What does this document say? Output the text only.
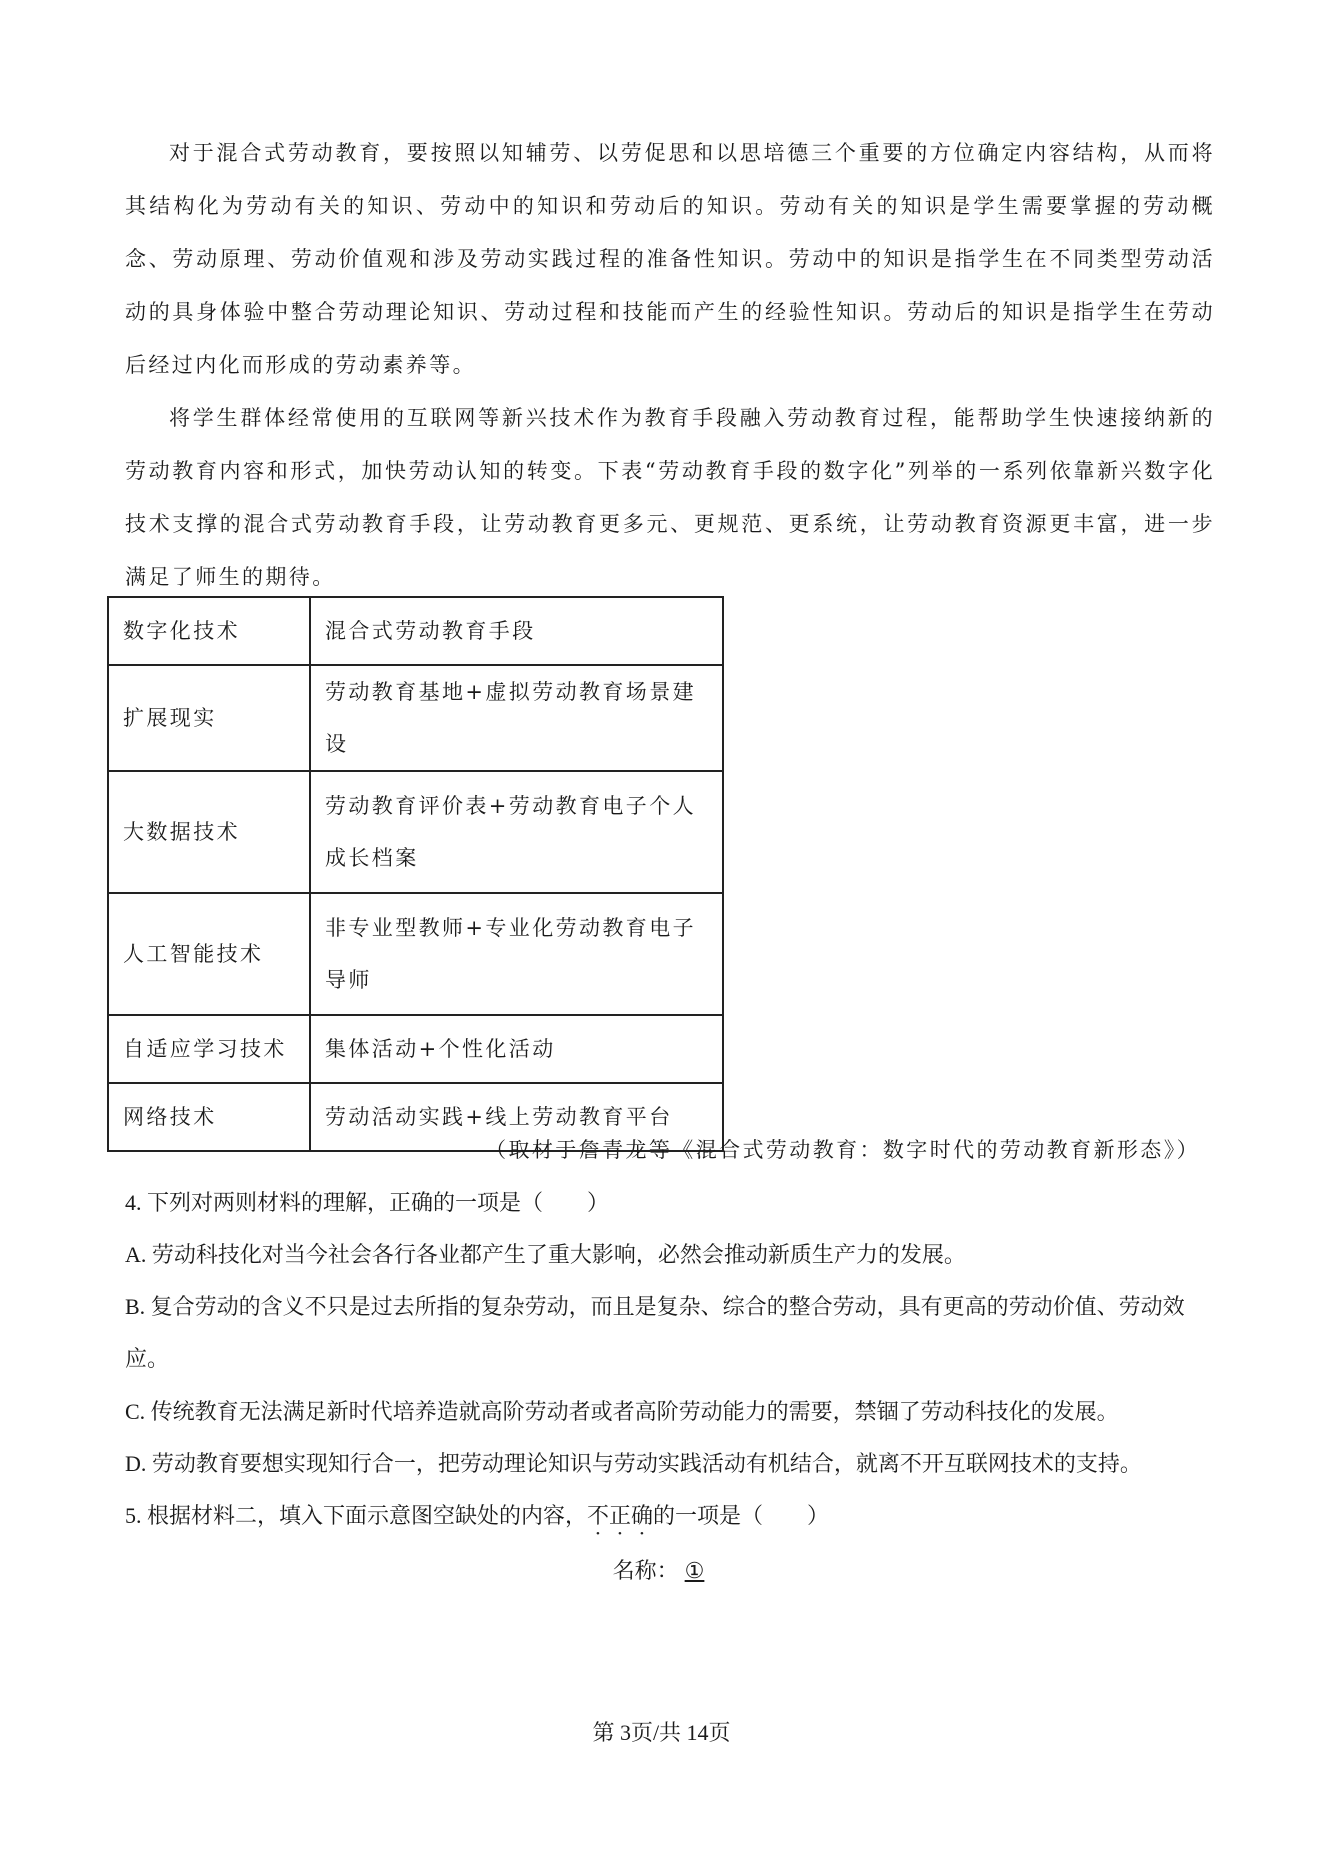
对于混合式劳动教育，要按照以知辅劳、以劳促思和以思培德三个重要的方位确定内容结构，从而将其结构化为劳动有关的知识、劳动中的知识和劳动后的知识。劳动有关的知识是学生需要掌握的劳动概念、劳动原理、劳动价值观和涉及劳动实践过程的准备性知识。劳动中的知识是指学生在不同类型劳动活动的具身体验中整合劳动理论知识、劳动过程和技能而产生的经验性知识。劳动后的知识是指学生在劳动后经过内化而形成的劳动素养等。

将学生群体经常使用的互联网等新兴技术作为教育手段融入劳动教育过程，能帮助学生快速接纳新的劳动教育内容和形式，加快劳动认知的转变。下表“劳动教育手段的数字化”列举的一系列依靠新兴数字化技术支撑的混合式劳动教育手段，让劳动教育更多元、更规范、更系统，让劳动教育资源更丰富，进一步满足了师生的期待。

数字化技术	混合式劳动教育手段
扩展现实	劳动教育基地+虚拟劳动教育场景建设
大数据技术	劳动教育评价表+劳动教育电子个人成长档案
人工智能技术	非专业型教师+专业化劳动教育电子导师
自适应学习技术	集体活动+个性化活动
网络技术	劳动活动实践+线上劳动教育平台
（取材于詹青龙等《混合式劳动教育：数字时代的劳动教育新形态》）

4. 下列对两则材料的理解，正确的一项是（　　）

A. 劳动科技化对当今社会各行各业都产生了重大影响，必然会推动新质生产力的发展。

B. 复合劳动的含义不只是过去所指的复杂劳动，而且是复杂、综合的整合劳动，具有更高的劳动价值、劳动效应。

C. 传统教育无法满足新时代培养造就高阶劳动者或者高阶劳动能力的需要，禁锢了劳动科技化的发展。

D. 劳动教育要想实现知行合一，把劳动理论知识与劳动实践活动有机结合，就离不开互联网技术的支持。

5. 根据材料二，填入下面示意图空缺处的内容，不正确的一项是（　　）

名称： ①
第 3页/共 14页
